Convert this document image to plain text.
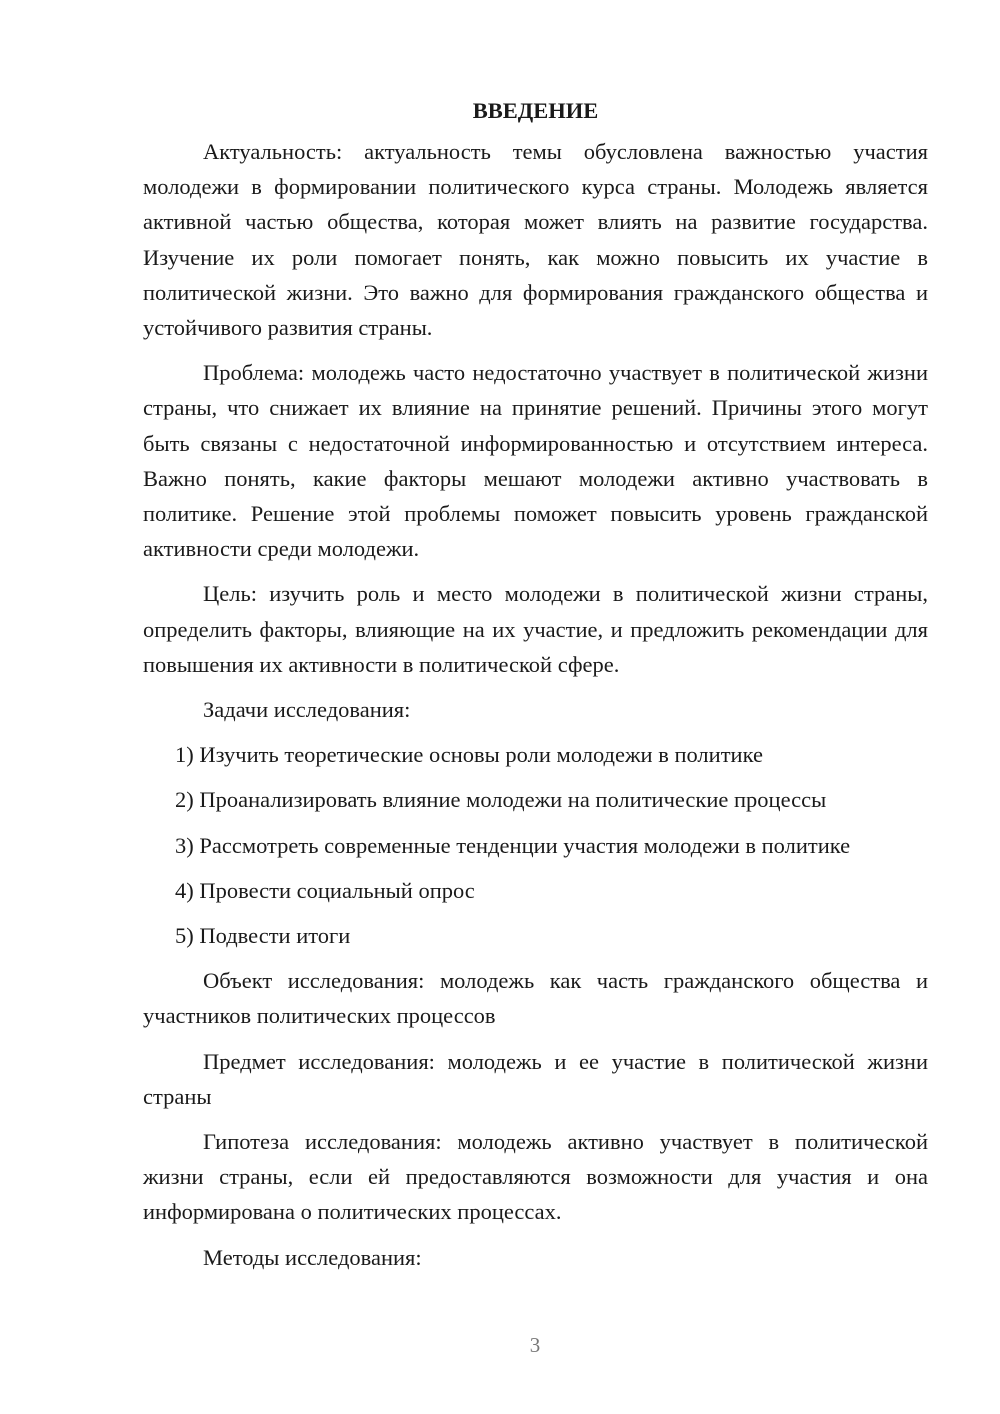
ВВЕДЕНИЕ

Актуальность: актуальность темы обусловлена важностью участия молодежи в формировании политического курса страны. Молодежь является активной частью общества, которая может влиять на развитие государства. Изучение их роли помогает понять, как можно повысить их участие в политической жизни. Это важно для формирования гражданского общества и устойчивого развития страны.

Проблема: молодежь часто недостаточно участвует в политической жизни страны, что снижает их влияние на принятие решений. Причины этого могут быть связаны с недостаточной информированностью и отсутствием интереса. Важно понять, какие факторы мешают молодежи активно участвовать в политике. Решение этой проблемы поможет повысить уровень гражданской активности среди молодежи.

Цель: изучить роль и место молодежи в политической жизни страны, определить факторы, влияющие на их участие, и предложить рекомендации для повышения их активности в политической сфере.

Задачи исследования:

1) Изучить теоретические основы роли молодежи в политике

2) Проанализировать влияние молодежи на политические процессы

3) Рассмотреть современные тенденции участия молодежи в политике

4) Провести социальный опрос

5) Подвести итоги

Объект исследования: молодежь как часть гражданского общества и участников политических процессов

Предмет исследования: молодежь и ее участие в политической жизни страны

Гипотеза исследования: молодежь активно участвует в политической жизни страны, если ей предоставляются возможности для участия и она информирована о политических процессах.

Методы исследования:

3
